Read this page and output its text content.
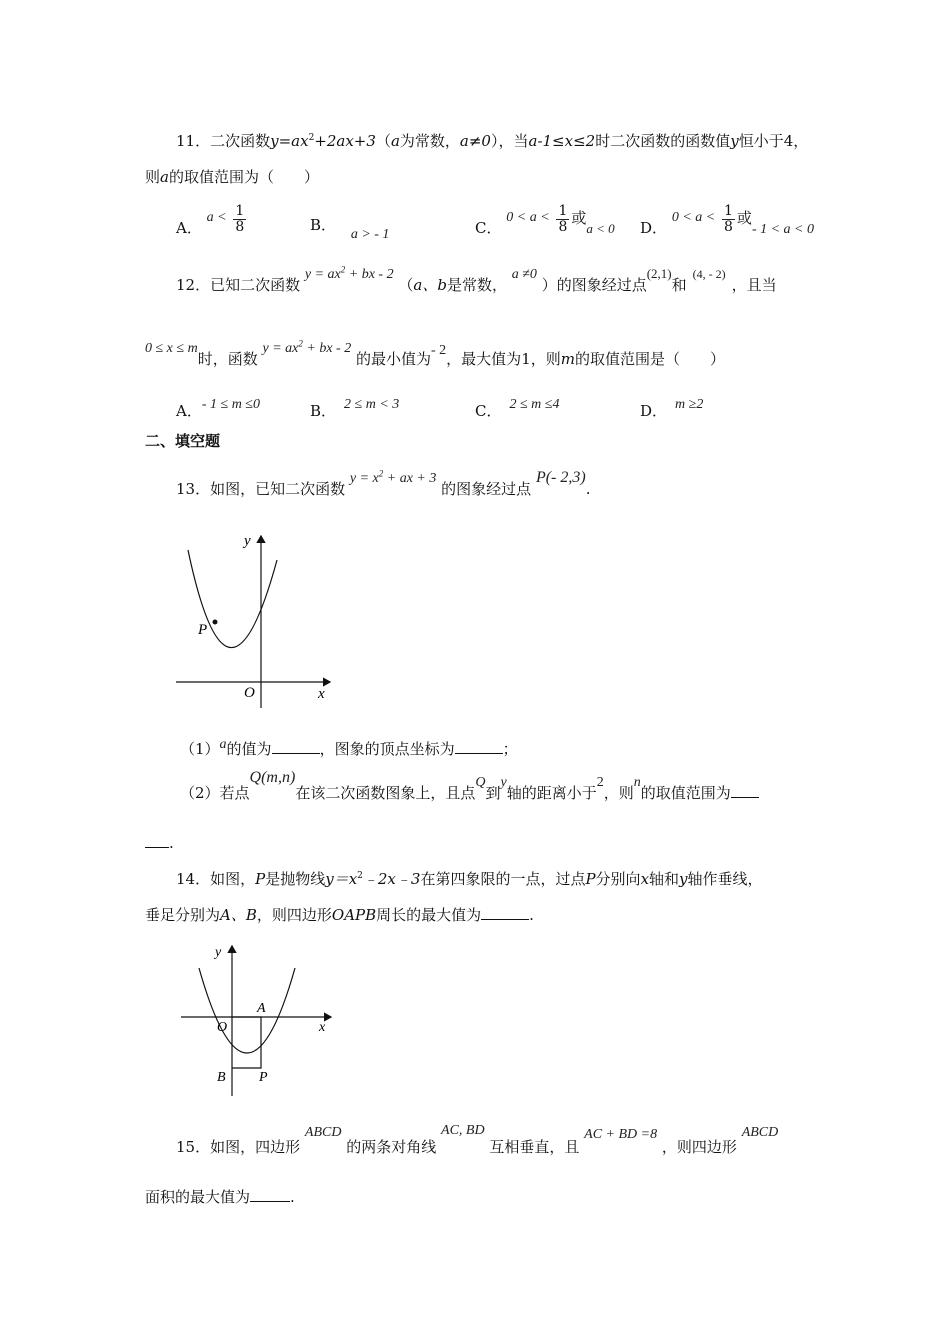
11．二次函数$y=ax^2+2ax+3(a$为常数，a≠0），当a-1≤x≤2时二次函数的函数值y恒小于4，
则a的取值范围为（　　）
A． $a < \frac{1}{8}$	B． a > - 1	C． $0 < a < \frac{1}{8}$ 或a < 0 D． $0 < a < \frac{1}{8}$ 或- 1 < a < 0
12．已知二次函数 $y = ax^2$ + bx - 2 （a、b是常数， a ≠0 ）的图象经过点(2,1)和(4, - 2)，且当
0 ≤ x ≤ m时，函数 $y = ax^2$ + bx - 2 的最小值为- 2，最大值为1，则m的取值范围是（　　）
A．- 1 ≤ m ≤0	B． 2 ≤ m < 3	C． 2 ≤ m ≤4	D． m ≥2
二、填空题
13．如图，已知二次函数 $y = x^2$ + ax + 3 的图象经过点 P(- 2,3).
y
x
O
P
（1）a的值为	，图象的顶点坐标为	；
（2）若点Q(m,n)在该二次函数图象上，且点Q到y轴的距离小于2，则n的取值范围为
.
14．如图，P是抛物线$y=x^2﹣2x﹣3$在第四象限的一点，过点P分别向x轴和y轴作垂线，
垂足分别为A、B，则四边形OAPB周长的最大值为	.
y
x
O
A
B P
15．如图，四边形 ABCD 的两条对角线 AC, BD 互相垂直，且 AC + BD =8 ，则四边形 ABCD
面积的最大值为	.
